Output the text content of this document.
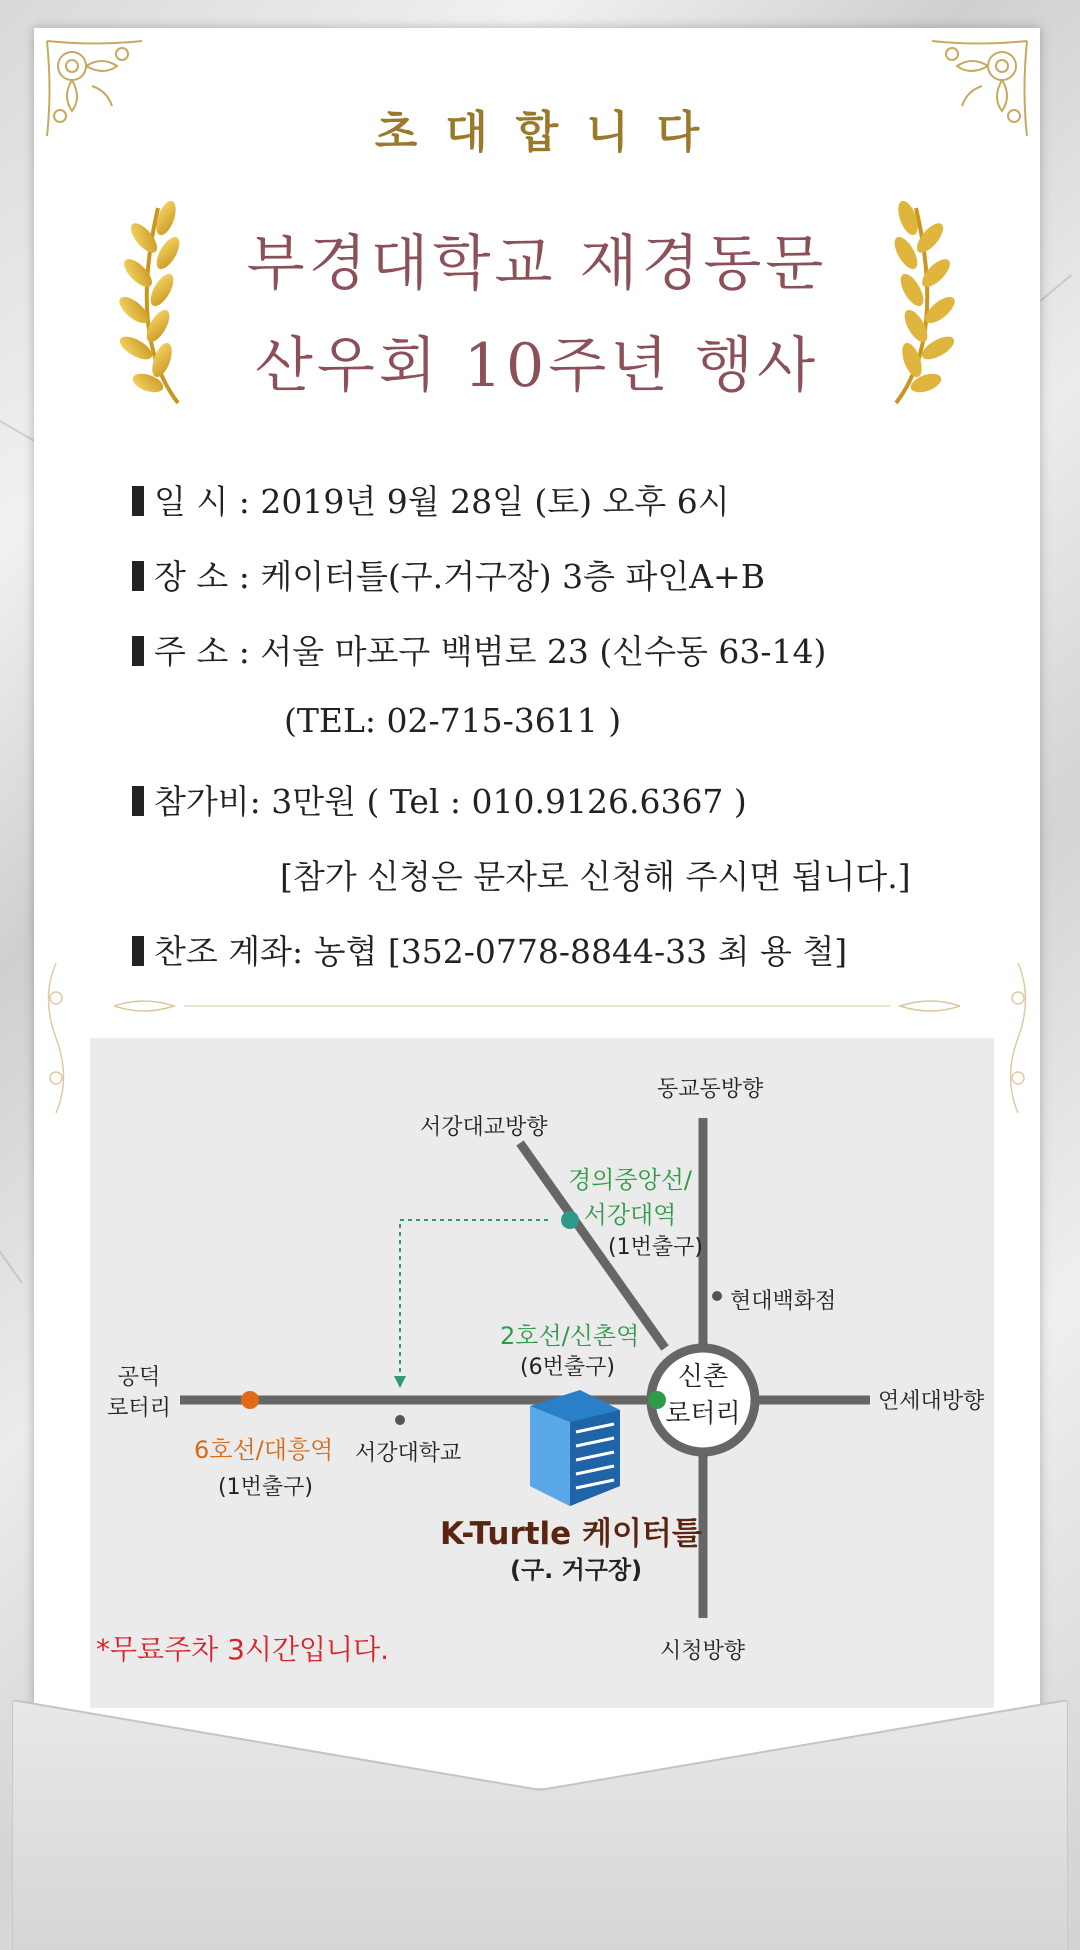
초대합니다
부경대학교 재경동문
산우회 10주년 행사
일 시 : 2019년 9월 28일 (토) 오후 6시
장 소 : 케이터틀(구.거구장) 3층 파인A+B
주 소 : 서울 마포구 백범로 23 (신수동 63-14)
(TEL: 02-715-3611 )
참가비: 3만원 ( Tel : 010.9126.6367 )
[참가 신청은 문자로 신청해 주시면 됩니다.]
찬조 계좌: 농협 [352-0778-8844-33 최 용 철]
동교동방향
서강대교방향
경의중앙선/
서강대역
(1번출구)
현대백화점
2호선/신촌역
(6번출구)
공덕
로터리
신촌
로터리	연세대방향
6호선/대흥역
(1번출구)
서강대학교
K-Turtle 케이터틀
(구. 거구장)
시청방향
*무료주차 3시간입니다.
